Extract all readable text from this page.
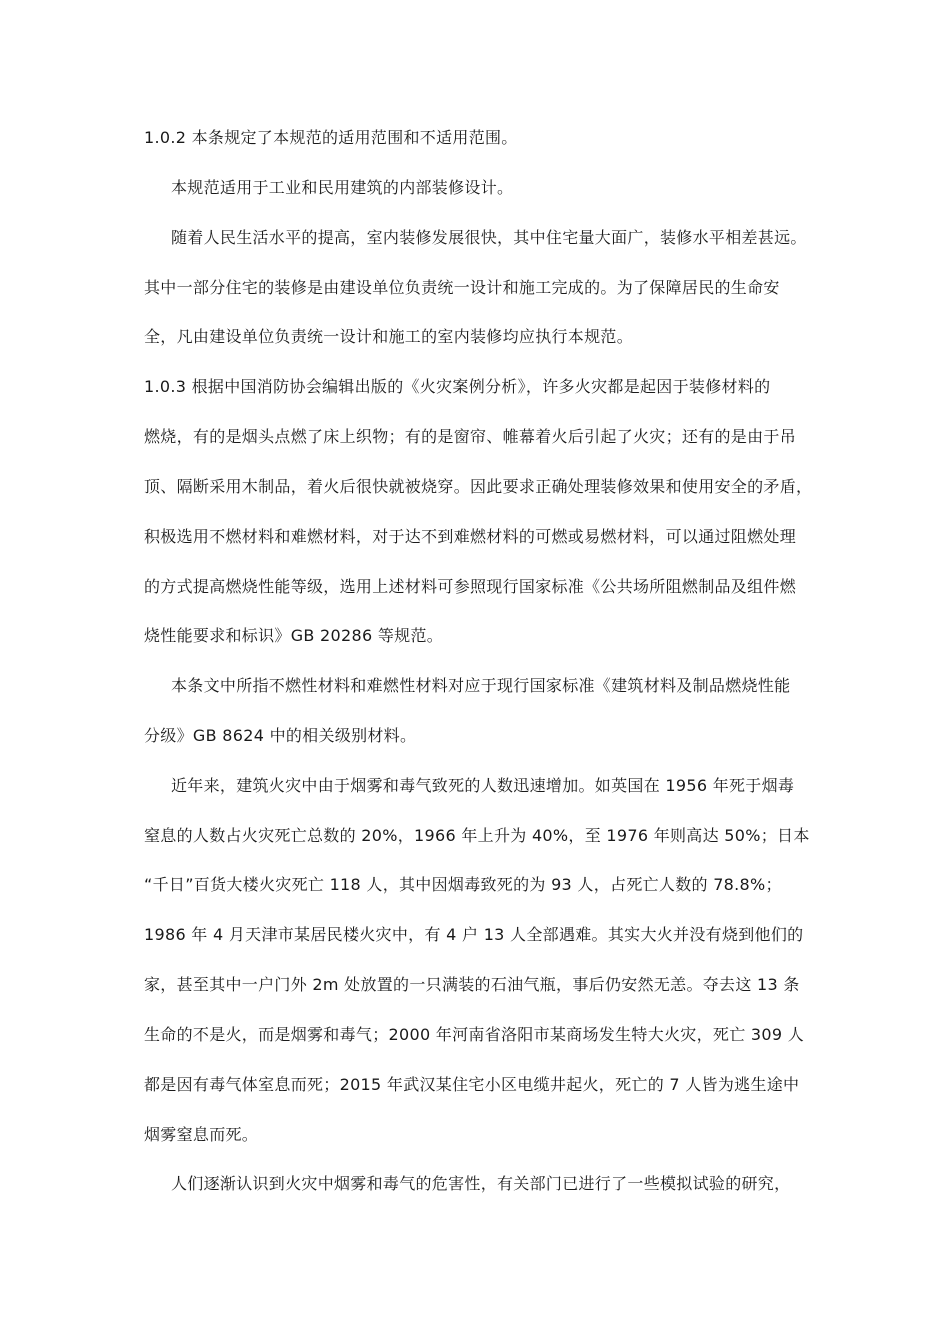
1.0.2 本条规定了本规范的适用范围和不适用范围。
本规范适用于工业和民用建筑的内部装修设计。
随着人民生活水平的提高，室内装修发展很快，其中住宅量大面广，装修水平相差甚远。
其中一部分住宅的装修是由建设单位负责统一设计和施工完成的。为了保障居民的生命安
全，凡由建设单位负责统一设计和施工的室内装修均应执行本规范。
1.0.3 根据中国消防协会编辑出版的《火灾案例分析》，许多火灾都是起因于装修材料的
燃烧，有的是烟头点燃了床上织物；有的是窗帘、帷幕着火后引起了火灾；还有的是由于吊
顶、隔断采用木制品，着火后很快就被烧穿。因此要求正确处理装修效果和使用安全的矛盾，
积极选用不燃材料和难燃材料，对于达不到难燃材料的可燃或易燃材料，可以通过阻燃处理
的方式提高燃烧性能等级，选用上述材料可参照现行国家标准《公共场所阻燃制品及组件燃
烧性能要求和标识》GB 20286 等规范。
本条文中所指不燃性材料和难燃性材料对应于现行国家标准《建筑材料及制品燃烧性能
分级》GB 8624 中的相关级别材料。
近年来，建筑火灾中由于烟雾和毒气致死的人数迅速增加。如英国在 1956 年死于烟毒
窒息的人数占火灾死亡总数的 20%，1966 年上升为 40%，至 1976 年则高达 50%；日本
“千日”百货大楼火灾死亡 118 人，其中因烟毒致死的为 93 人，占死亡人数的 78.8%；
1986 年 4 月天津市某居民楼火灾中，有 4 户 13 人全部遇难。其实大火并没有烧到他们的
家，甚至其中一户门外 2m 处放置的一只满装的石油气瓶，事后仍安然无恙。夺去这 13 条
生命的不是火，而是烟雾和毒气；2000 年河南省洛阳市某商场发生特大火灾，死亡 309 人
都是因有毒气体室息而死；2015 年武汉某住宅小区电缆井起火，死亡的 7 人皆为逃生途中
烟雾窒息而死。
人们逐渐认识到火灾中烟雾和毒气的危害性，有关部门已进行了一些模拟试验的研究，
